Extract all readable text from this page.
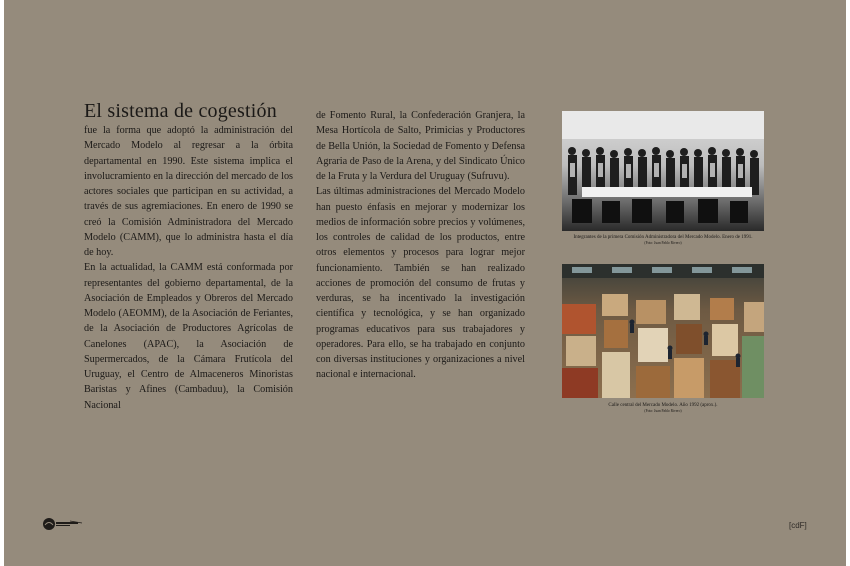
El sistema de cogestión

fue la forma que adoptó la administración del Mercado Modelo al regresar a la órbita departamental en 1990. Este sistema implica el involucramiento en la dirección del mercado de los actores sociales que participan en su actividad, a través de sus agremiaciones. En enero de 1990 se creó la Comisión Administradora del Mercado Modelo (CAMM), que lo administra hasta el día de hoy.

En la actualidad, la CAMM está conformada por representantes del gobierno departamental, de la Asociación de Empleados y Obreros del Mercado Modelo (AEOMM), de la Asociación de Feriantes, de la Asociación de Productores Agrícolas de Canelones (APAC), la Asociación de Supermercados, de la Cámara Frutícola del Uruguay, el Centro de Almaceneros Minoristas Baristas y Afines (Cambaduu), la Comisión Nacional

de Fomento Rural, la Confederación Granjera, la Mesa Hortícola de Salto, Primicias y Productores de Bella Unión, la Sociedad de Fomento y Defensa Agraria de Paso de la Arena, y del Sindicato Único de la Fruta y la Verdura del Uruguay (Sufruvu).

Las últimas administraciones del Mercado Modelo han puesto énfasis en mejorar y modernizar los medios de información sobre precios y volúmenes, los controles de calidad de los productos, entre otros elementos y procesos para lograr mejor funcionamiento. También se han realizado acciones de promoción del consumo de frutas y verduras, se ha incentivado la investigación científica y tecnológica, y se han organizado programas educativos para sus trabajadores y operadores. Para ello, se ha trabajado en conjunto con diversas instituciones y organizaciones a nivel nacional e internacional.

Integrantes de la primera Comisión Administradora del Mercado Modelo. Enero de 1991.
(Foto: Juan Pablo Rivero)
Calle central del Mercado Modelo. Año 1992 (aprox.).
(Foto: Juan Pablo Rivero)
[cdF]
